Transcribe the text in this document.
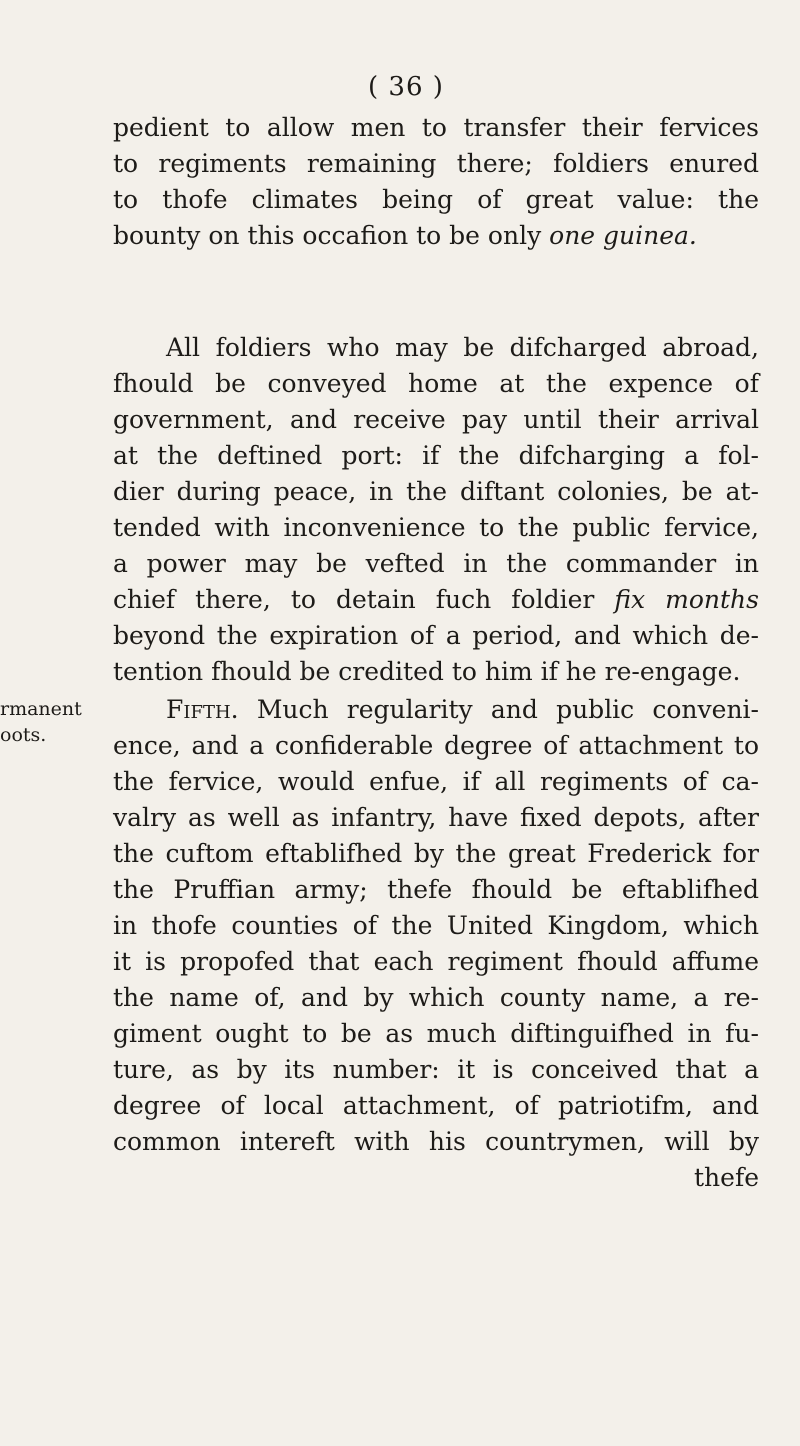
( 36 )
rmanent
oots.
pedient to allow men to transfer their fervices
to regiments remaining there; foldiers enured
to thofe climates being of great value: the
bounty on this occafion to be only one guinea.
All foldiers who may be difcharged abroad,
fhould be conveyed home at the expence of
government, and receive pay until their arrival
at the deftined port: if the difcharging a fol-
dier during peace, in the diftant colonies, be at-
tended with inconvenience to the public fervice,
a power may be vefted in the commander in
chief there, to detain fuch foldier fix months
beyond the expiration of a period, and which de-
tention fhould be credited to him if he re-engage.
Fifth. Much regularity and public conveni-
ence, and a confiderable degree of attachment to
the fervice, would enfue, if all regiments of ca-
valry as well as infantry, have fixed depots, after
the cuftom eftablifhed by the great Frederick for
the Pruffian army; thefe fhould be eftablifhed
in thofe counties of the United Kingdom, which
it is propofed that each regiment fhould affume
the name of, and by which county name, a re-
giment ought to be as much diftinguifhed in fu-
ture, as by its number: it is conceived that a
degree of local attachment, of patriotifm, and
common intereft with his countrymen, will by
thefe
